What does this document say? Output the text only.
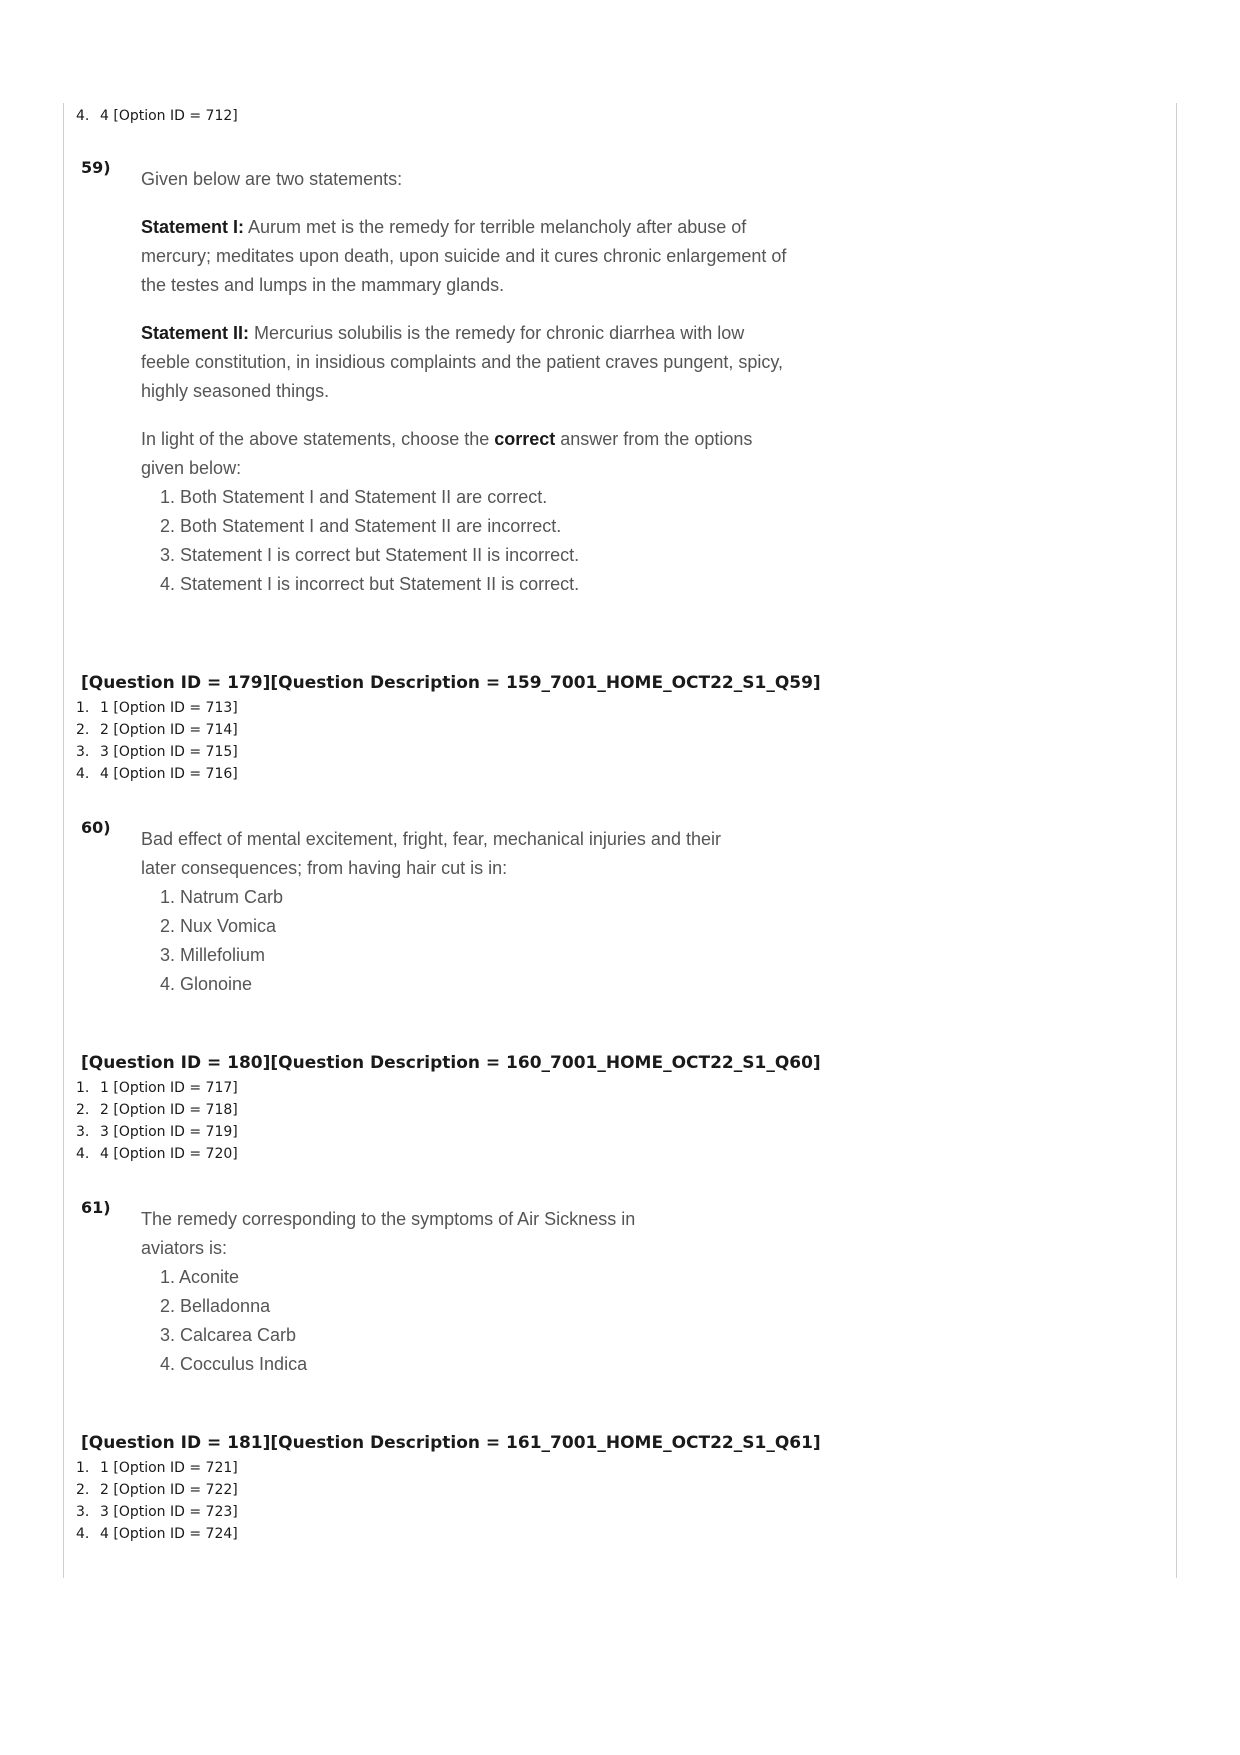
4. 4 [Option ID = 712]
59)

Given below are two statements:

Statement I: Aurum met is the remedy for terrible melancholy after abuse of mercury; meditates upon death, upon suicide and it cures chronic enlargement of the testes and lumps in the mammary glands.

Statement II: Mercurius solubilis is the remedy for chronic diarrhea with low feeble constitution, in insidious complaints and the patient craves pungent, spicy, highly seasoned things.

In light of the above statements, choose the correct answer from the options given below:

1. Both Statement I and Statement II are correct.
2. Both Statement I and Statement II are incorrect.
3. Statement I is correct but Statement II is incorrect.
4. Statement I is incorrect but Statement II is correct.
[Question ID = 179][Question Description = 159_7001_HOME_OCT22_S1_Q59]
1. 1 [Option ID = 713]
2. 2 [Option ID = 714]
3. 3 [Option ID = 715]
4. 4 [Option ID = 716]
60)

Bad effect of mental excitement, fright, fear, mechanical injuries and their later consequences; from having hair cut is in:

1. Natrum Carb
2. Nux Vomica
3. Millefolium
4. Glonoine
[Question ID = 180][Question Description = 160_7001_HOME_OCT22_S1_Q60]
1. 1 [Option ID = 717]
2. 2 [Option ID = 718]
3. 3 [Option ID = 719]
4. 4 [Option ID = 720]
61)

The remedy corresponding to the symptoms of Air Sickness in aviators is:

1. Aconite
2. Belladonna
3. Calcarea Carb
4. Cocculus Indica
[Question ID = 181][Question Description = 161_7001_HOME_OCT22_S1_Q61]
1. 1 [Option ID = 721]
2. 2 [Option ID = 722]
3. 3 [Option ID = 723]
4. 4 [Option ID = 724]
